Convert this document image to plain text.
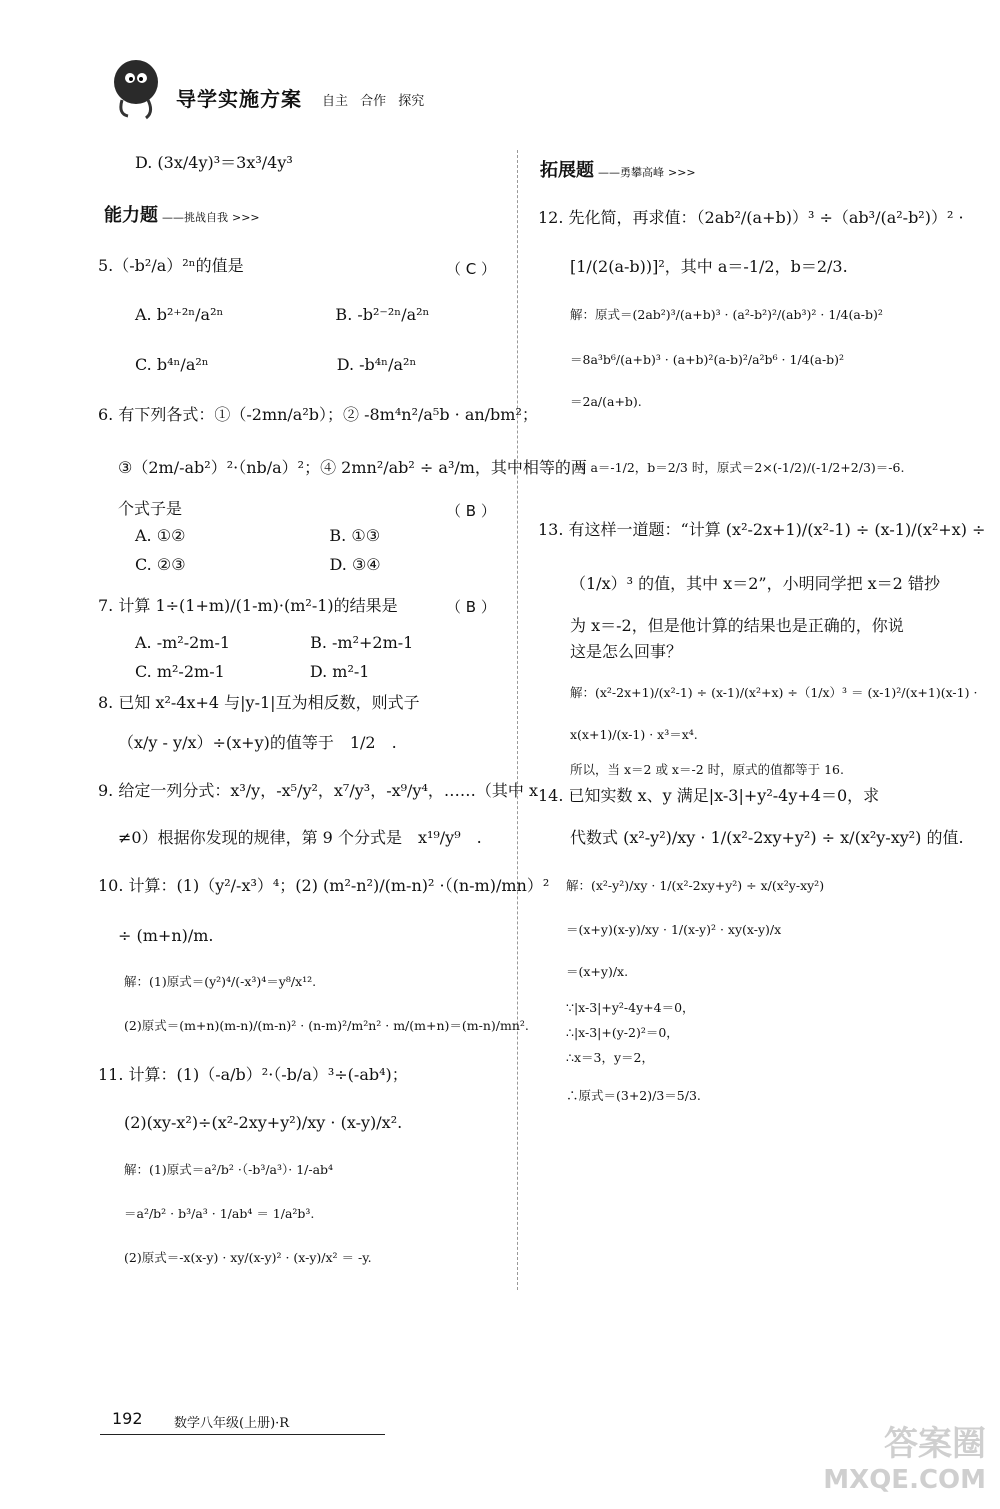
导学实施方案 自主 合作 探究
能力题 ——挑战自我 >>>
拓展题 ——勇攀高峰 >>>
D. (3x/4y)³＝3x³/4y³
5.（-b²/a）²ⁿ的值是	（ C ）
A. b²⁺²ⁿ/a²ⁿ　　　　　　　B. -b²⁻²ⁿ/a²ⁿ
C. b⁴ⁿ/a²ⁿ　　　　　　　　D. -b⁴ⁿ/a²ⁿ
6. 有下列各式：①（-2mn/a²b）；② -8m⁴n²/a⁵b · an/bm²；
③（2m/-ab²）²·（nb/a）²；④ 2mn²/ab² ÷ a³/m，其中相等的两
个式子是	（ B ）
A. ①②　　　　　　　　　B. ①③
C. ②③　　　　　　　　　D. ③④
7. 计算 1÷(1+m)/(1-m)·(m²-1)的结果是	（ B ）
A. -m²-2m-1　　　　　B. -m²+2m-1
C. m²-2m-1　　　　　 D. m²-1
8. 已知 x²-4x+4 与|y-1|互为相反数，则式子
（x/y - y/x）÷(x+y)的值等于　1/2　.
9. 给定一列分式：x³/y，-x⁵/y²，x⁷/y³，-x⁹/y⁴，……（其中 x
≠0）根据你发现的规律，第 9 个分式是　x¹⁹/y⁹　.
10. 计算：(1)（y²/-x³）⁴；(2) (m²-n²)/(m-n)² ·（(n-m)/mn）²
÷ (m+n)/m.
解：(1)原式＝(y²)⁴/(-x³)⁴＝y⁸/x¹².
(2)原式＝(m+n)(m-n)/(m-n)² · (n-m)²/m²n² · m/(m+n)＝(m-n)/mn².
11. 计算：(1)（-a/b）²·（-b/a）³÷(-ab⁴)；
(2)(xy-x²)÷(x²-2xy+y²)/xy · (x-y)/x².
解：(1)原式＝a²/b² ·（-b³/a³）· 1/-ab⁴
＝a²/b² · b³/a³ · 1/ab⁴ ＝ 1/a²b³.
(2)原式＝-x(x-y) · xy/(x-y)² · (x-y)/x² ＝ -y.
12. 先化简，再求值：（2ab²/(a+b)）³ ÷（ab³/(a²-b²)）² ·
[1/(2(a-b))]²，其中 a＝-1/2，b＝2/3.
解：原式＝(2ab²)³/(a+b)³ · (a²-b²)²/(ab³)² · 1/4(a-b)²
＝8a³b⁶/(a+b)³ · (a+b)²(a-b)²/a²b⁶ · 1/4(a-b)²
＝2a/(a+b).
当 a＝-1/2，b＝2/3 时，原式＝2×(-1/2)/(-1/2+2/3)＝-6.
13. 有这样一道题：“计算 (x²-2x+1)/(x²-1) ÷ (x-1)/(x²+x) ÷
（1/x）³ 的值，其中 x＝2”，小明同学把 x＝2 错抄
为 x＝-2，但是他计算的结果也是正确的，你说
这是怎么回事？
解：(x²-2x+1)/(x²-1) ÷ (x-1)/(x²+x) ÷（1/x）³ ＝ (x-1)²/(x+1)(x-1) ·
x(x+1)/(x-1) · x³＝x⁴.
所以，当 x＝2 或 x＝-2 时，原式的值都等于 16.
14. 已知实数 x、y 满足|x-3|+y²-4y+4＝0，求
代数式 (x²-y²)/xy · 1/(x²-2xy+y²) ÷ x/(x²y-xy²) 的值.
解：(x²-y²)/xy · 1/(x²-2xy+y²) ÷ x/(x²y-xy²)
＝(x+y)(x-y)/xy · 1/(x-y)² · xy(x-y)/x
＝(x+y)/x.
∵|x-3|+y²-4y+4＝0，
∴|x-3|+(y-2)²＝0，
∴x＝3，y＝2，
∴原式＝(3+2)/3＝5/3.
192 数学八年级(上册)·R
答案圈
MXQE.COM
